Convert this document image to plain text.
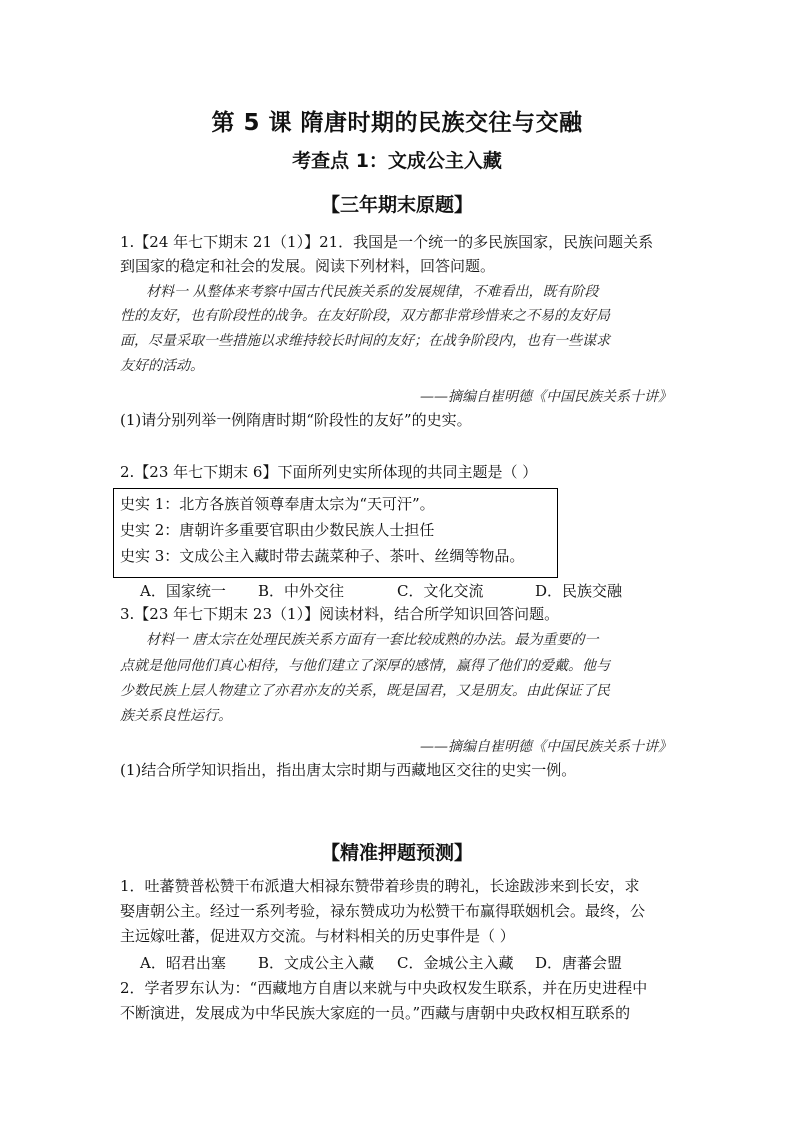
第 5 课 隋唐时期的民族交往与交融
考查点 1：文成公主入藏
【三年期末原题】
1.【24 年七下期末 21（1）】21．我国是一个统一的多民族国家，民族问题关系
到国家的稳定和社会的发展。阅读下列材料，回答问题。
材料一 从整体来考察中国古代民族关系的发展规律，不难看出，既有阶段
性的友好，也有阶段性的战争。在友好阶段，双方都非常珍惜来之不易的友好局
面，尽量采取一些措施以求维持较长时间的友好；在战争阶段内，也有一些谋求
友好的活动。
——摘编自崔明德《中国民族关系十讲》
(1)请分别列举一例隋唐时期“阶段性的友好”的史实。
2.【23 年七下期末 6】下面所列史实所体现的共同主题是（ ）
史实 1：北方各族首领尊奉唐太宗为“天可汗”。
史实 2：唐朝许多重要官职由少数民族人士担任
史实 3：文成公主入藏时带去蔬菜种子、茶叶、丝绸等物品。
A．国家统一 B．中外交往	C．文化交流	D．民族交融
3.【23 年七下期末 23（1）】阅读材料，结合所学知识回答问题。
材料一 唐太宗在处理民族关系方面有一套比较成熟的办法。最为重要的一
点就是他同他们真心相待，与他们建立了深厚的感情，赢得了他们的爱戴。他与
少数民族上层人物建立了亦君亦友的关系，既是国君，又是朋友。由此保证了民
族关系良性运行。
——摘编自崔明德《中国民族关系十讲》
(1)结合所学知识指出，指出唐太宗时期与西藏地区交往的史实一例。
【精准押题预测】
1．吐蕃赞普松赞干布派遣大相禄东赞带着珍贵的聘礼，长途跋涉来到长安，求
娶唐朝公主。经过一系列考验，禄东赞成功为松赞干布赢得联姻机会。最终，公
主远嫁吐蕃，促进双方交流。与材料相关的历史事件是（ ）
A．昭君出塞 B．文成公主入藏 C．金城公主入藏 D．唐蕃会盟
2．学者罗东认为：“西藏地方自唐以来就与中央政权发生联系，并在历史进程中
不断演进，发展成为中华民族大家庭的一员。”西藏与唐朝中央政权相互联系的
